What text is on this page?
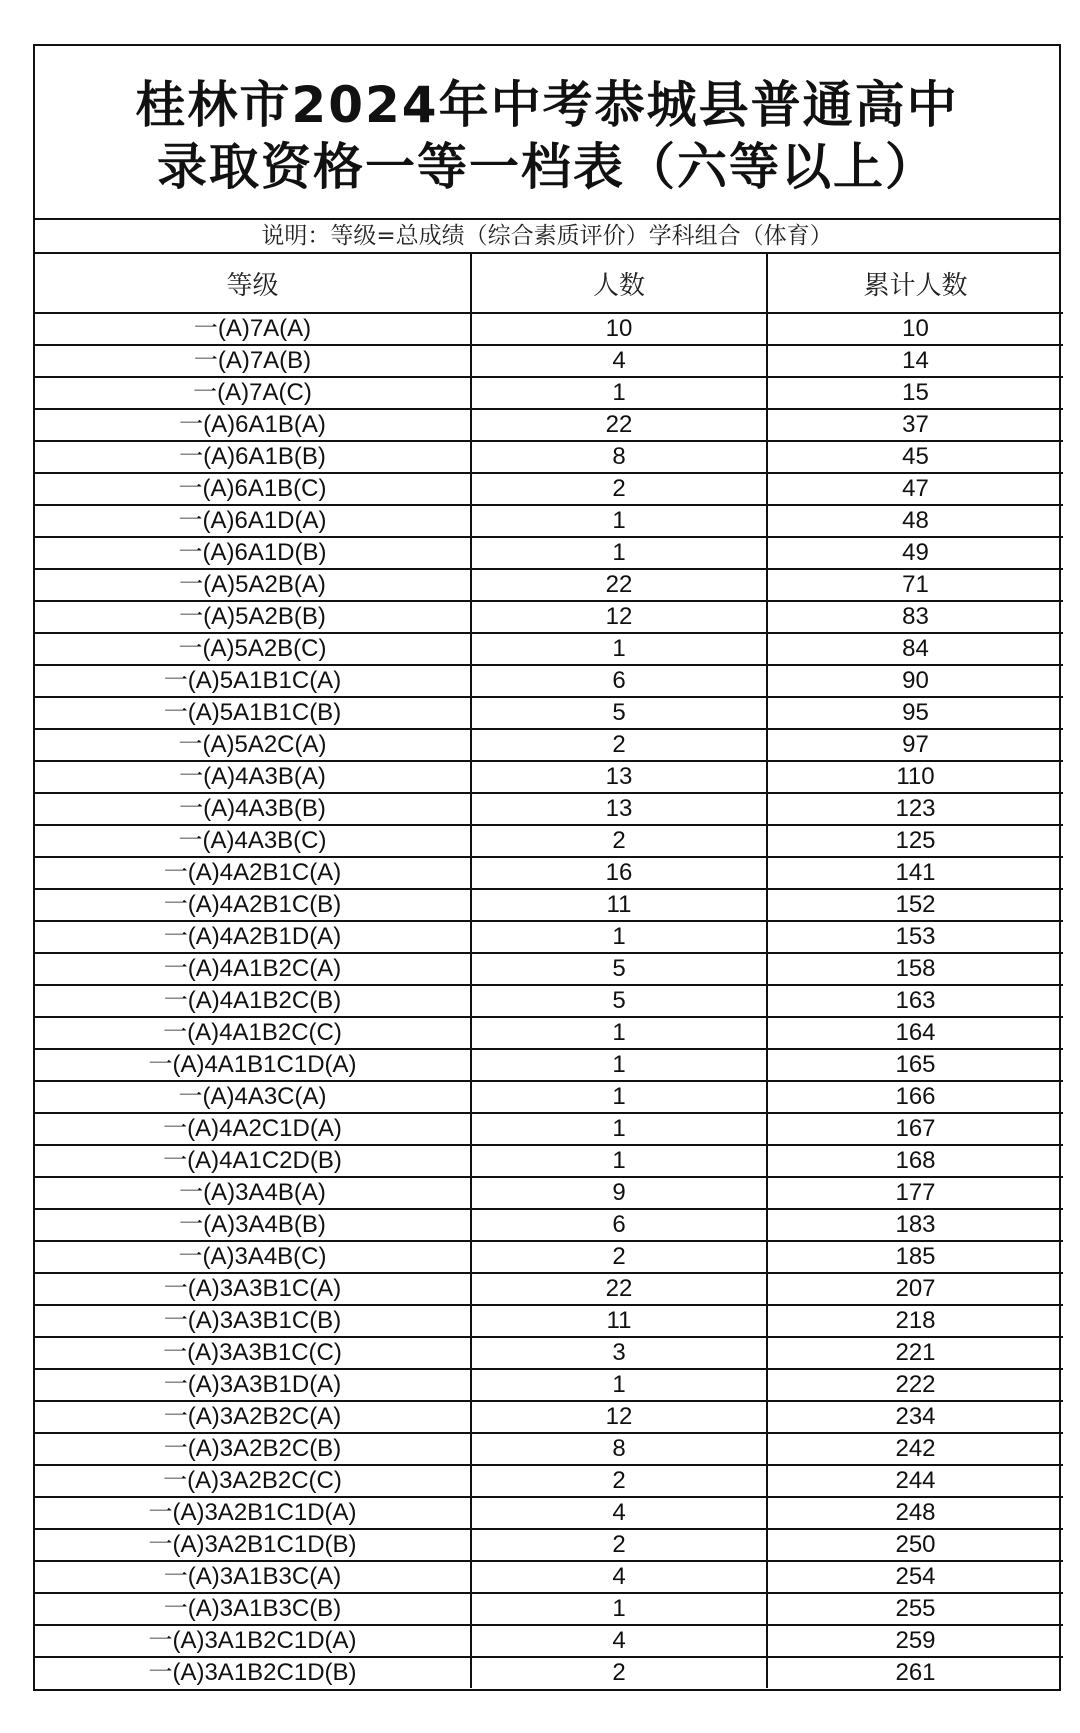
桂林市2024年中考恭城县普通高中
录取资格一等一档表（六等以上）
说明：等级=总成绩（综合素质评价）学科组合（体育）
等级	人数	累计人数
一(A)7A(A)	10	10
一(A)7A(B)	4	14
一(A)7A(C)	1	15
一(A)6A1B(A)	22	37
一(A)6A1B(B)	8	45
一(A)6A1B(C)	2	47
一(A)6A1D(A)	1	48
一(A)6A1D(B)	1	49
一(A)5A2B(A)	22	71
一(A)5A2B(B)	12	83
一(A)5A2B(C)	1	84
一(A)5A1B1C(A)	6	90
一(A)5A1B1C(B)	5	95
一(A)5A2C(A)	2	97
一(A)4A3B(A)	13	110
一(A)4A3B(B)	13	123
一(A)4A3B(C)	2	125
一(A)4A2B1C(A)	16	141
一(A)4A2B1C(B)	11	152
一(A)4A2B1D(A)	1	153
一(A)4A1B2C(A)	5	158
一(A)4A1B2C(B)	5	163
一(A)4A1B2C(C)	1	164
一(A)4A1B1C1D(A)	1	165
一(A)4A3C(A)	1	166
一(A)4A2C1D(A)	1	167
一(A)4A1C2D(B)	1	168
一(A)3A4B(A)	9	177
一(A)3A4B(B)	6	183
一(A)3A4B(C)	2	185
一(A)3A3B1C(A)	22	207
一(A)3A3B1C(B)	11	218
一(A)3A3B1C(C)	3	221
一(A)3A3B1D(A)	1	222
一(A)3A2B2C(A)	12	234
一(A)3A2B2C(B)	8	242
一(A)3A2B2C(C)	2	244
一(A)3A2B1C1D(A)	4	248
一(A)3A2B1C1D(B)	2	250
一(A)3A1B3C(A)	4	254
一(A)3A1B3C(B)	1	255
一(A)3A1B2C1D(A)	4	259
一(A)3A1B2C1D(B)	2	261
